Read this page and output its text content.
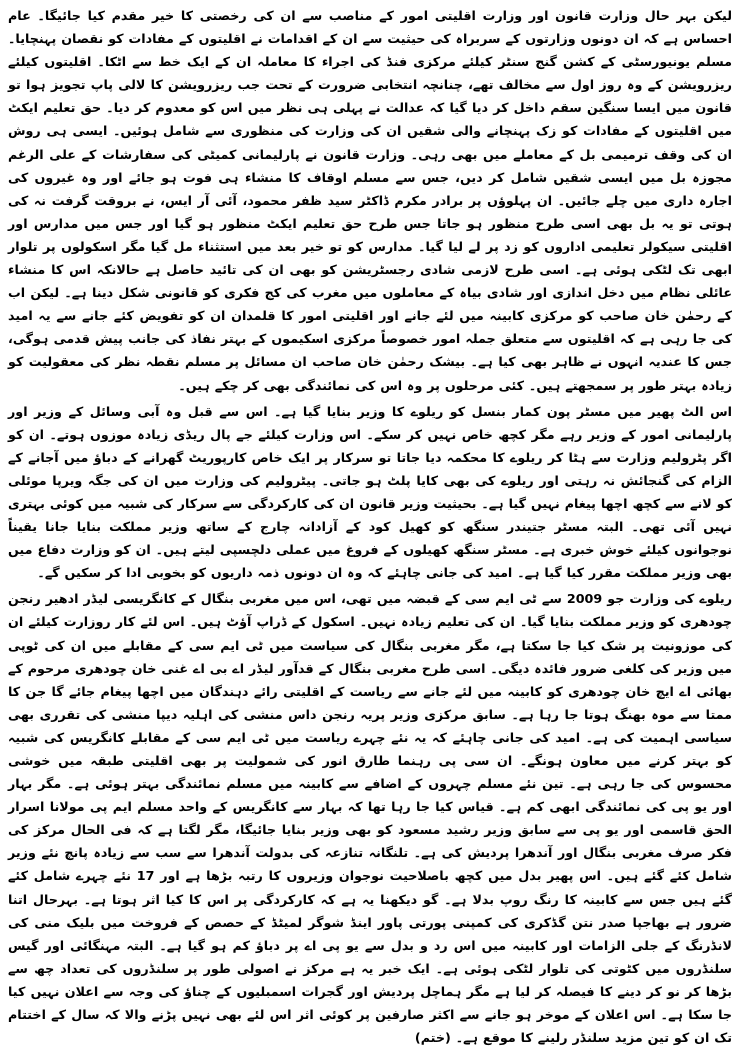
لیکن بہر حال وزارت قانون اور وزارت اقلیتی امور کے مناصب سے ان کی رخصتی کا خیر مقدم کیا جائیگا۔ عام احساس ہے کہ ان دونوں وزارتوں کے سربراہ کی حیثیت سے ان کے اقدامات نے اقلیتوں کے مفادات کو نقصان پہنچایا۔ مسلم یونیورسٹی کے کشن گنج سنٹر کیلئے مرکزی فنڈ کی اجراء کا معاملہ ان کے ایک خط سے اٹکا۔ اقلیتوں کیلئے ریزرویشن کے وہ روز اول سے مخالف تھے، چنانچہ انتخابی ضرورت کے تحت جب ریزرویشن کا لالی پاپ تجویز ہوا تو قانون میں ایسا سنگین سقم داخل کر دیا گیا کہ عدالت نے پہلی ہی نظر میں اس کو معدوم کر دیا۔ حق تعلیم ایکٹ میں اقلیتوں کے مفادات کو زک پہنچانے والی شقیں ان کی وزارت کی منظوری سے شامل ہوئیں۔ ایسی ہی روش ان کی وقف ترمیمی بل کے معاملے میں بھی رہی۔ وزارت قانون نے پارلیمانی کمیٹی کی سفارشات کے علی الرغم مجوزہ بل میں ایسی شقیں شامل کر دیں، جس سے مسلم اوقاف کا منشاء ہی فوت ہو جائے اور وہ غیروں کی اجارہ داری میں چلے جائیں۔ ان پہلوؤں پر برادر مکرم ڈاکٹر سید ظفر محمود، آئی آر ایس، نے بروقت گرفت نہ کی ہوتی تو یہ بل بھی اسی طرح منظور ہو جاتا جس طرح حق تعلیم ایکٹ منظور ہو گیا اور جس میں مدارس اور اقلیتی سیکولر تعلیمی اداروں کو زد پر لے لیا گیا۔ مدارس کو تو خیر بعد میں استثناء مل گیا مگر اسکولوں پر تلوار ابھی تک لٹکی ہوئی ہے۔ اسی طرح لازمی شادی رجسٹریشن کو بھی ان کی تائید حاصل ہے حالانکہ اس کا منشاء عائلی نظام میں دخل اندازی اور شادی بیاہ کے معاملوں میں مغرب کی کج فکری کو قانونی شکل دینا ہے۔ لیکن اب کے رحمٰن خان صاحب کو مرکزی کابینہ میں لئے جانے اور اقلیتی امور کا قلمدان ان کو تفویض کئے جانے سے یہ امید کی جا رہی ہے کہ اقلیتوں سے متعلق جملہ امور خصوصاً مرکزی اسکیموں کے بہتر نفاذ کی جانب پیش قدمی ہوگی، جس کا عندیہ انہوں نے ظاہر بھی کیا ہے۔ بیشک رحمٰن خان صاحب ان مسائل پر مسلم نقطہ نظر کی معقولیت کو زیادہ بہتر طور پر سمجھتے ہیں۔ کئی مرحلوں پر وہ اس کی نمائندگی بھی کر چکے ہیں۔

اس الٹ پھیر میں مسٹر پون کمار بنسل کو ریلوے کا وزیر بنایا گیا ہے۔ اس سے قبل وہ آبی وسائل کے وزیر اور پارلیمانی امور کے وزیر رہے مگر کچھ خاص نہیں کر سکے۔ اس وزارت کیلئے جے پال ریڈی زیادہ موزوں ہوتے۔ ان کو اگر پٹرولیم وزارت سے ہٹا کر ریلوے کا محکمہ دیا جاتا تو سرکار پر ایک خاص کارپوریٹ گھرانے کے دباؤ میں آجانے کے الزام کی گنجائش نہ رہتی اور ریلوے کی بھی کایا پلٹ ہو جاتی۔ پیٹرولیم کی وزارت میں ان کی جگہ ویرپا موئلی کو لانے سے کچھ اچھا پیغام نہیں گیا ہے۔ بحیثیت وزیر قانون ان کی کارکردگی سے سرکار کی شبیہ میں کوئی بہتری نہیں آئی تھی۔ البتہ مسٹر جتیندر سنگھ کو کھیل کود کے آزادانہ چارج کے ساتھ وزیر مملکت بنایا جانا یقیناً نوجوانوں کیلئے خوش خبری ہے۔ مسٹر سنگھ کھیلوں کے فروغ میں عملی دلچسپی لیتے ہیں۔ ان کو وزارت دفاع میں بھی وزیر مملکت مقرر کیا گیا ہے۔ امید کی جانی چاہئے کہ وہ ان دونوں ذمہ داریوں کو بخوبی ادا کر سکیں گے۔

ریلوے کی وزارت جو 2009 سے ٹی ایم سی کے قبضہ میں تھی، اس میں مغربی بنگال کے کانگریسی لیڈر ادھیر رنجن چودھری کو وزیر مملکت بنایا گیا۔ ان کی تعلیم زیادہ نہیں۔ اسکول کے ڈراپ آؤٹ ہیں۔ اس لئے کار روزارت کیلئے ان کی موزونیت پر شک کیا جا سکتا ہے، مگر مغربی بنگال کی سیاست میں ٹی ایم سی کے مقابلے میں ان کی ٹوپی میں وزیر کی کلغی ضرور فائدہ دیگی۔ اسی طرح مغربی بنگال کے قدآور لیڈر اے بی اے غنی خان چودھری مرحوم کے بھائی اے ایچ خان چودھری کو کابینہ میں لئے جانے سے ریاست کے اقلیتی رائے دہندگان میں اچھا پیغام جائے گا جن کا ممتا سے موہ بھنگ ہوتا جا رہا ہے۔ سابق مرکزی وزیر پریہ رنجن داس منشی کی اہلیہ دیپا منشی کی تقرری بھی سیاسی اہمیت کی ہے۔ امید کی جانی چاہئے کہ یہ نئے چہرے ریاست میں ٹی ایم سی کے مقابلے کانگریس کی شبیہ کو بہتر کرنے میں معاون ہونگے۔ ان سی پی رہنما طارق انور کی شمولیت پر بھی اقلیتی طبقہ میں خوشی محسوس کی جا رہی ہے۔ تین نئے مسلم چہروں کے اضافے سے کابینہ میں مسلم نمائندگی بہتر ہوئی ہے۔ مگر بہار اور یو پی کی نمائندگی ابھی کم ہے۔ قیاس کیا جا رہا تھا کہ بہار سے کانگریس کے واحد مسلم ایم پی مولانا اسرار الحق قاسمی اور یو پی سے سابق وزیر رشید مسعود کو بھی وزیر بنایا جائیگا، مگر لگتا ہے کہ فی الحال مرکز کی فکر صرف مغربی بنگال اور آندھرا پردیش کی ہے۔ تلنگانہ تنازعہ کی بدولت آندھرا سے سب سے زیادہ پانچ نئے وزیر شامل کئے گئے ہیں۔ اس پھیر بدل میں کچھ باصلاحیت نوجوان وزیروں کا رتبہ بڑھا ہے اور 17 نئے چہرے شامل کئے گئے ہیں جس سے کابینہ کا رنگ روپ بدلا ہے۔ گو دیکھنا یہ ہے کہ کارکردگی پر اس کا کیا اثر ہوتا ہے۔ بہرحال اتنا ضرور ہے بھاجپا صدر نتن گڈکری کی کمپنی پورتی پاور اینڈ شوگر لمیٹڈ کے حصص کے فروخت میں بلیک منی کی لانڈرنگ کے جلی الزامات اور کابینہ میں اس رد و بدل سے یو پی اے پر دباؤ کم ہو گیا ہے۔ البتہ مہنگائی اور گیس سلنڈروں میں کٹوتی کی تلوار لٹکی ہوئی ہے۔ ایک خبر یہ ہے مرکز نے اصولی طور پر سلنڈروں کی تعداد چھ سے بڑھا کر نو کر دینے کا فیصلہ کر لیا ہے مگر ہماچل پردیش اور گجرات اسمبلیوں کے چناؤ کی وجہ سے اعلان نہیں کیا جا سکا ہے۔ اس اعلان کے موخر ہو جانے سے اکثر صارفین پر کوئی اثر اس لئے بھی نہیں پڑنے والا کہ سال کے اختتام تک ان کو تین مزید سلنڈر رلینے کا موقع ہے۔ (ختم)
